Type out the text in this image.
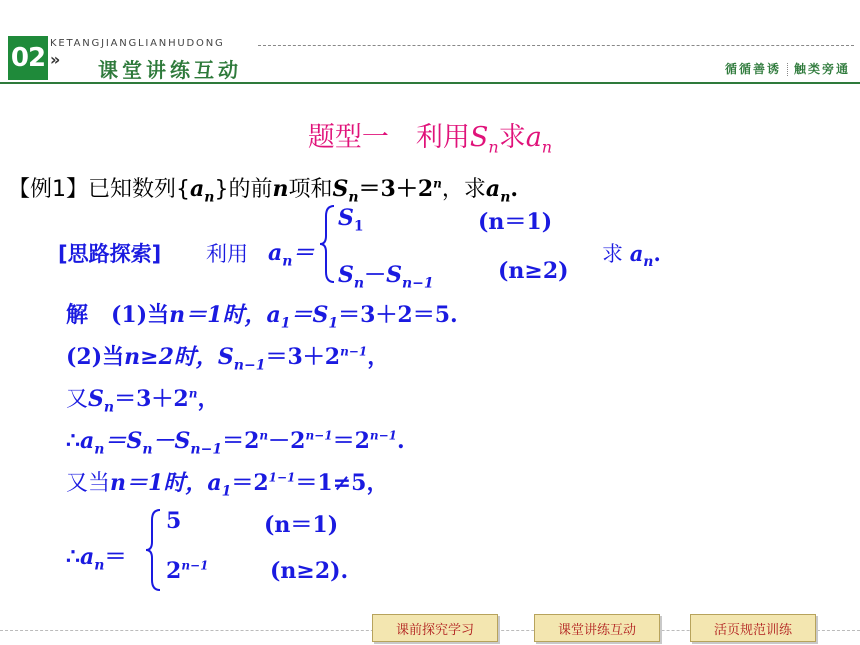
02 KETANGJIANGLIANHUDONG
» 课堂讲练互动	循循善诱 触类旁通
题型一　利用$S_n$求$a_n$
【例1】已知数列$\{a_n\}$的前n项和$S_n=3+2^n$，求$a_n$.
[思路探索] 利用 $a_n=$
$S_1$	(n＝1)
$S_n-S_{n-1}$	(n≥2)
求 $a_n$.
解 (1)当n＝1时，$a_1=S_1=3+2=5$.
(2)当n≥2时，$S_{n-1}=3+2^{n-1}$，
又$S_n=3+2^n$，
$\therefore a_n=S_n-S_{n-1}=2^n-2^{n-1}=2^{n-1}$.
又当n＝1时，$a_1=2^{1-1}=1\ne 5$，
$\therefore a_n=$
5	(n＝1)
$2^{n-1}$	(n≥2).
课前探究学习	课堂讲练互动	活页规范训练
